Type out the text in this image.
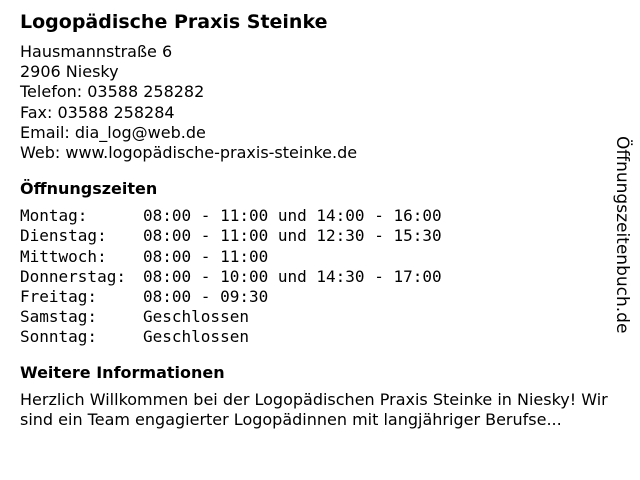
Logopädische Praxis Steinke
Hausmannstraße 6
2906 Niesky
Telefon: 03588 258282
Fax: 03588 258284
Email: dia_log@web.de
Web: www.logopädische-praxis-steinke.de
Öffnungszeiten
Montag:	08:00 - 11:00 und 14:00 - 16:00
Dienstag:	08:00 - 11:00 und 12:30 - 15:30
Mittwoch:	08:00 - 11:00
Donnerstag:	08:00 - 10:00 und 14:30 - 17:00
Freitag:	08:00 - 09:30
Samstag:	Geschlossen
Sonntag:	Geschlossen
Weitere Informationen
Herzlich Willkommen bei der Logopädischen Praxis Steinke in Niesky! Wir sind ein Team engagierter Logopädinnen mit langjähriger Berufse...
Öffnungszeitenbuch.de
